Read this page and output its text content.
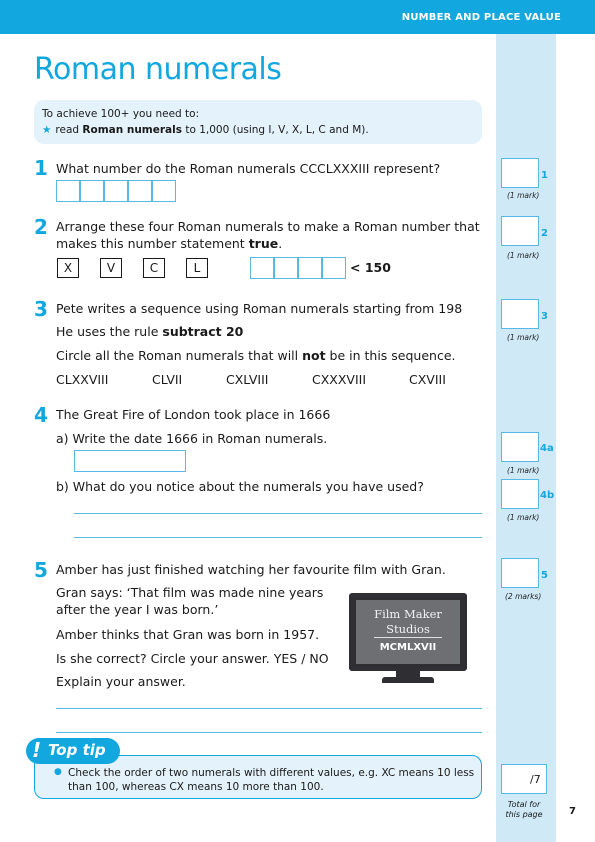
NUMBER AND PLACE VALUE
Roman numerals
To achieve 100+ you need to:
★ read Roman numerals to 1,000 (using I, V, X, L, C and M).
1 What number do the Roman numerals CCCLXXXIII represent?
2 Arrange these four Roman numerals to make a Roman number that
makes this number statement true.
X	V	C	L	< 150
3 Pete writes a sequence using Roman numerals starting from 198
He uses the rule subtract 20
Circle all the Roman numerals that will not be in this sequence.
CLXXVIII	CLVII	CXLVIII	CXXXVIII	CXVIII
4 The Great Fire of London took place in 1666
a) Write the date 1666 in Roman numerals.
b) What do you notice about the numerals you have used?
5 Amber has just finished watching her favourite film with Gran.
Gran says: ‘That film was made nine years
after the year I was born.’
Amber thinks that Gran was born in 1957.
Is she correct? Circle your answer. YES / NO
Explain your answer.
Film Maker
Studios
MCMLXVII
1
(1 mark)
2
(1 mark)
3
(1 mark)
4a
(1 mark)
4b
(1 mark)
5
(2 marks)
! Top tip
● Check the order of two numerals with different values, e.g. XC means 10 less
than 100, whereas CX means 10 more than 100.
/7
Total for
this page	7
